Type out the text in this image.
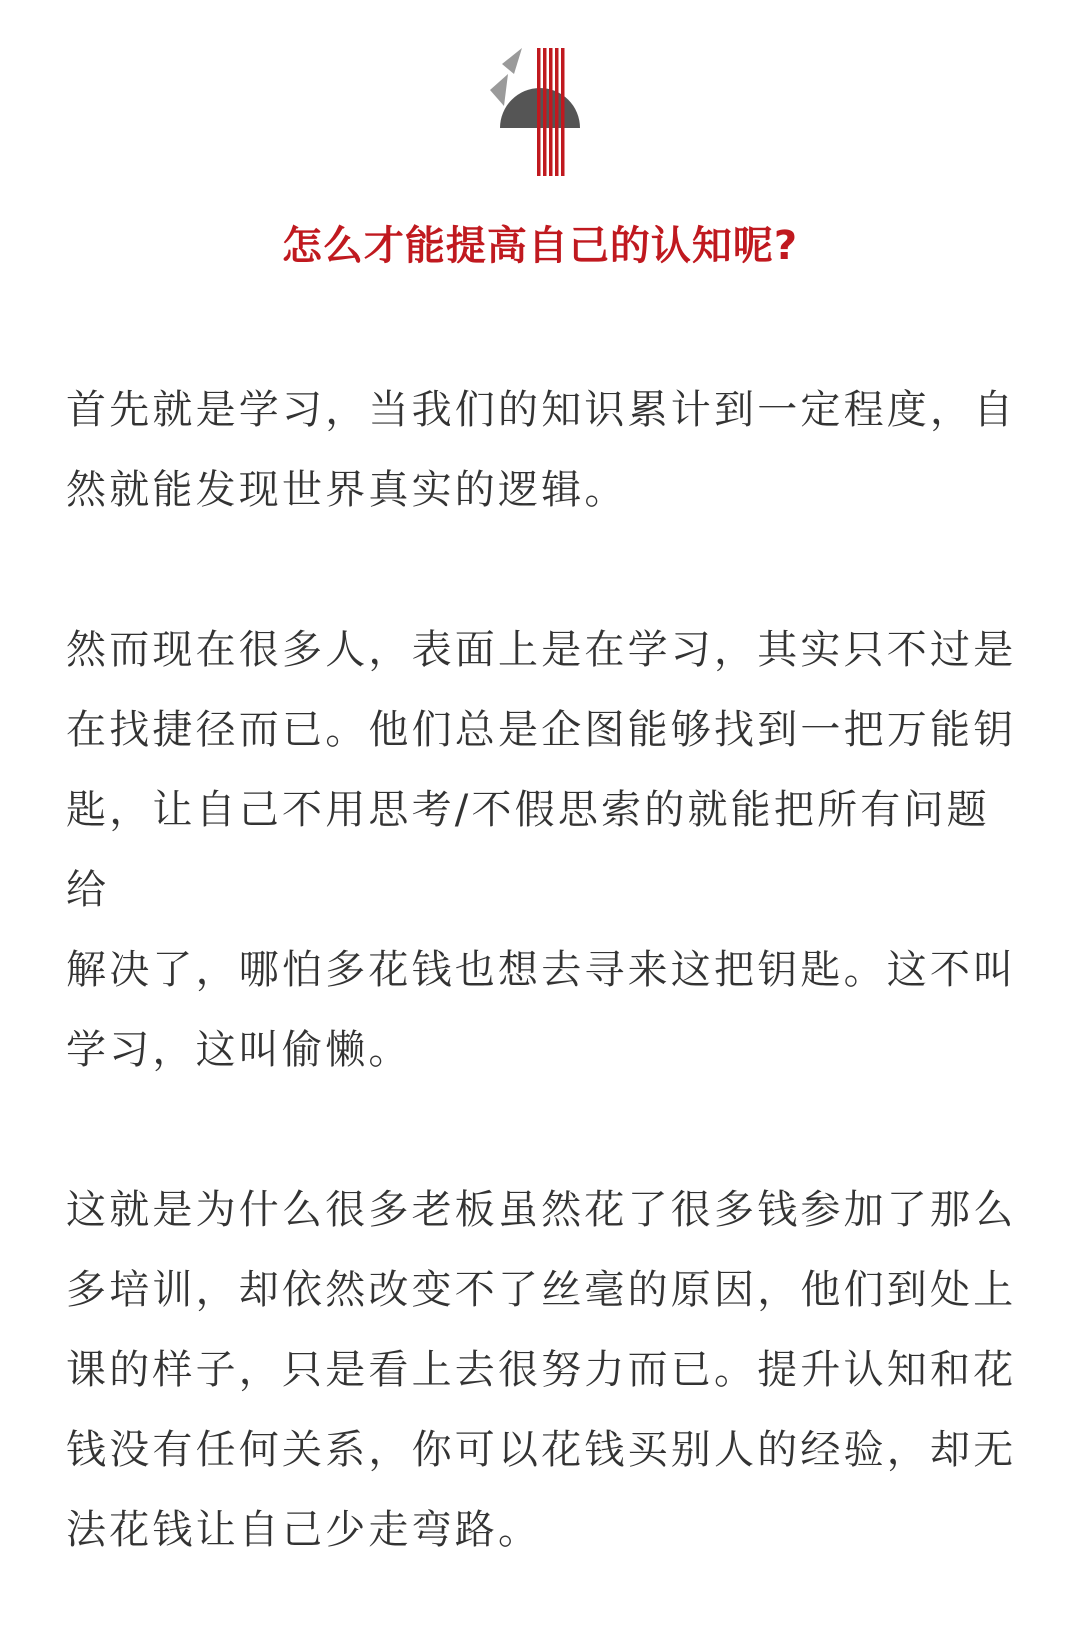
怎么才能提高自己的认知呢?

首先就是学习，当我们的知识累计到一定程度，自
然就能发现世界真实的逻辑。

然而现在很多人，表面上是在学习，其实只不过是
在找捷径而已。他们总是企图能够找到一把万能钥
匙，让自己不用思考/不假思索的就能把所有问题给
解决了，哪怕多花钱也想去寻来这把钥匙。这不叫
学习，这叫偷懒。

这就是为什么很多老板虽然花了很多钱参加了那么
多培训，却依然改变不了丝毫的原因，他们到处上
课的样子，只是看上去很努力而已。提升认知和花
钱没有任何关系，你可以花钱买别人的经验，却无
法花钱让自己少走弯路。
